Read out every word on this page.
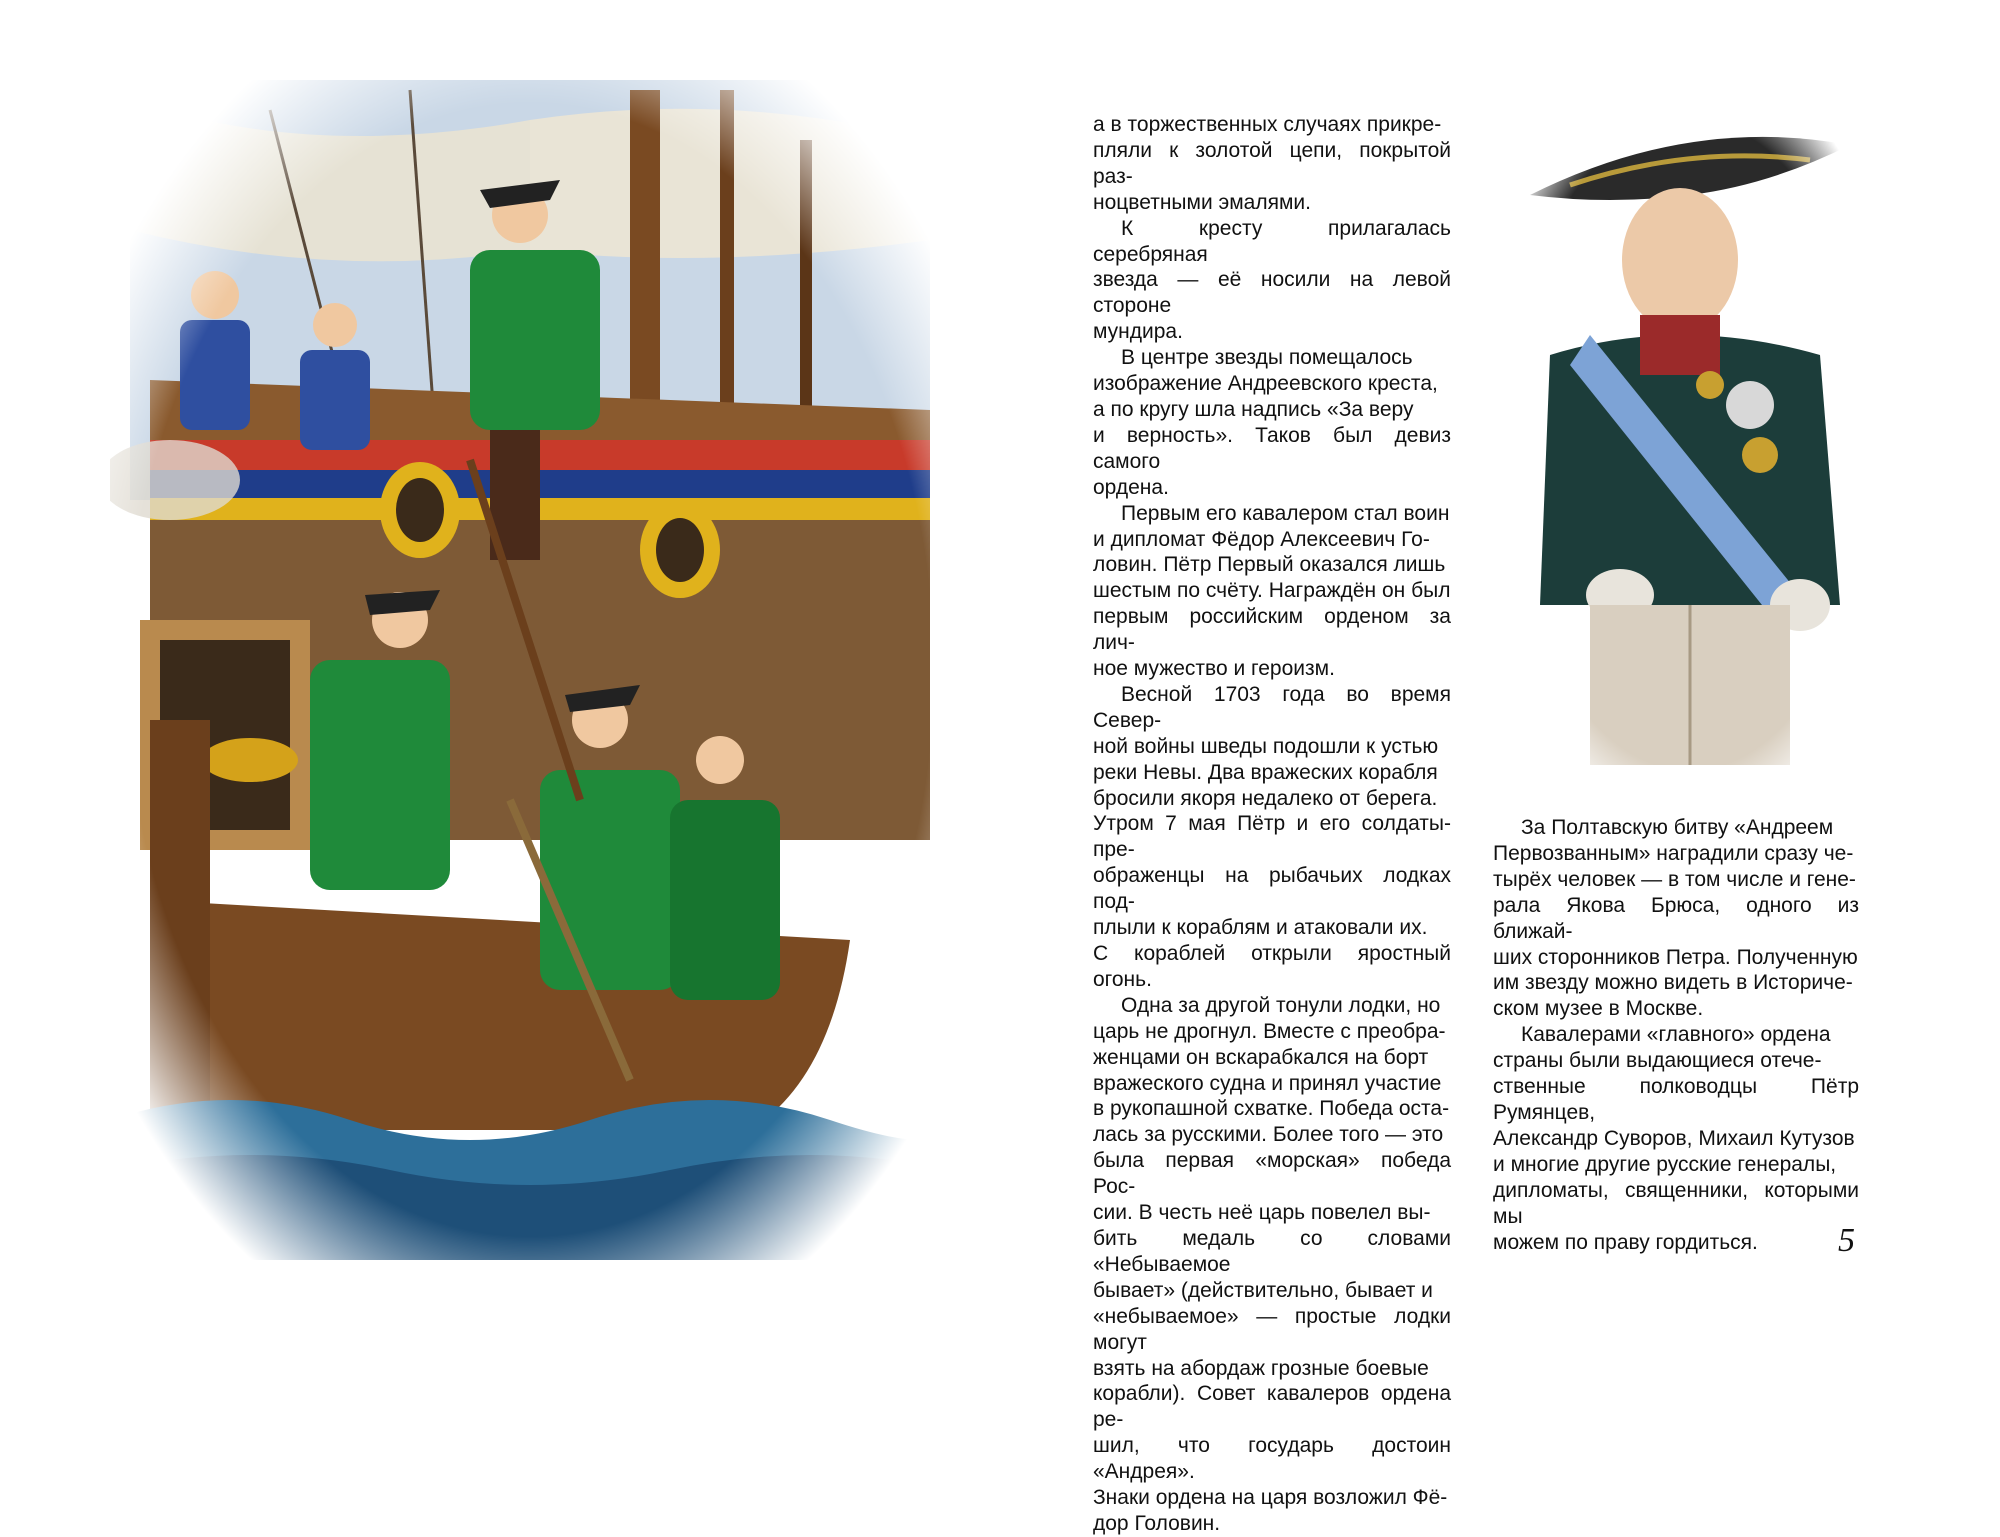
а в торжественных случаях прикре-
пляли к золотой цепи, покрытой раз-
ноцветными эмалями.

К кресту прилагалась серебряная
звезда — её носили на левой стороне
мундира.

В центре звезды помещалось
изображение Андреевского креста,
а по кругу шла надпись «За веру
и верность». Таков был девиз самого
ордена.

Первым его кавалером стал воин
и дипломат Фёдор Алексеевич Го-
ловин. Пётр Первый оказался лишь
шестым по счёту. Награждён он был
первым российским орденом за лич-
ное мужество и героизм.

Весной 1703 года во время Север-
ной войны шведы подошли к устью
реки Невы. Два вражеских корабля
бросили якоря недалеко от берега.
Утром 7 мая Пётр и его солдаты-пре-
ображенцы на рыбачьих лодках под-
плыли к кораблям и атаковали их.
С кораблей открыли яростный огонь.

Одна за другой тонули лодки, но
царь не дрогнул. Вместе с преобра-
женцами он вскарабкался на борт
вражеского судна и принял участие
в рукопашной схватке. Победа оста-
лась за русскими. Более того — это
была первая «морская» победа Рос-
сии. В честь неё царь повелел вы-
бить медаль со словами «Небываемое
бывает» (действительно, бывает и
«небываемое» — простые лодки могут
взять на абордаж грозные боевые
корабли). Совет кавалеров ордена ре-
шил, что государь достоин «Андрея».
Знаки ордена на царя возложил Фё-
дор Головин.

За Полтавскую битву «Андреем
Первозванным» наградили сразу че-
тырёх человек — в том числе и гене-
рала Якова Брюса, одного из ближай-
ших сторонников Петра. Полученную
им звезду можно видеть в Историче-
ском музее в Москве.

Кавалерами «главного» ордена
страны были выдающиеся отече-
ственные полководцы Пётр Румянцев,
Александр Суворов, Михаил Кутузов
и многие другие русские генералы,
дипломаты, священники, которыми мы
можем по праву гордиться.	5
